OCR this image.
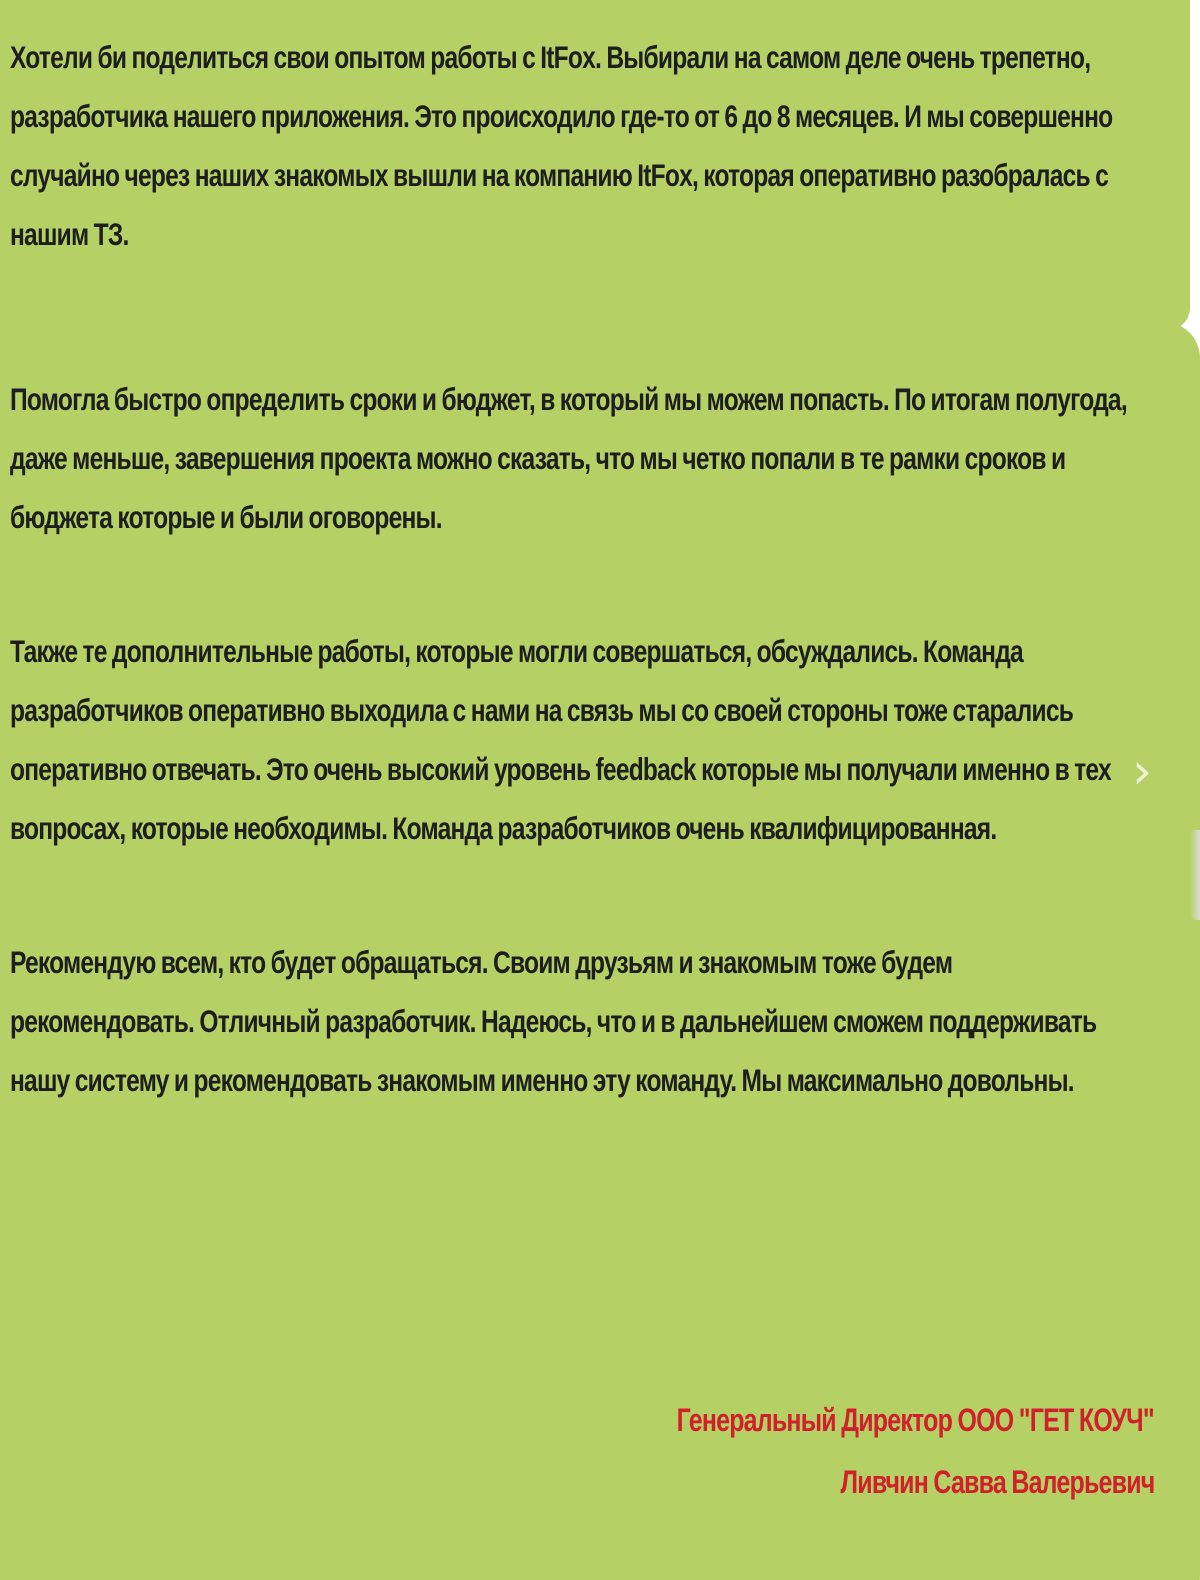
Хотели би поделиться свои опытом работы с ItFox. Выбирали на самом деле очень трепетно, разработчика нашего приложения. Это происходило где-то от 6 до 8 месяцев. И мы совершенно случайно через наших знакомых вышли на компанию ItFox, которая оперативно разобралась с нашим ТЗ.

Помогла быстро определить сроки и бюджет, в который мы можем попасть. По итогам полугода, даже меньше, завершения проекта можно сказать, что мы четко попали в те рамки сроков и бюджета которые и были оговорены.

Также те дополнительные работы, которые могли совершаться, обсуждались. Команда разработчиков оперативно выходила с нами на связь мы со своей стороны тоже старались оперативно отвечать. Это очень высокий уровень feedback которые мы получали именно в тех вопросах, которые необходимы. Команда разработчиков очень квалифицированная.

Рекомендую всем, кто будет обращаться. Своим друзьям и знакомым тоже будем рекомендовать. Отличный разработчик. Надеюсь, что и в дальнейшем сможем поддерживать нашу систему и рекомендовать знакомым именно эту команду. Мы максимально довольны.

Генеральный Директор ООО "ГЕТ КОУЧ"
Ливчин Савва Валерьевич
›
